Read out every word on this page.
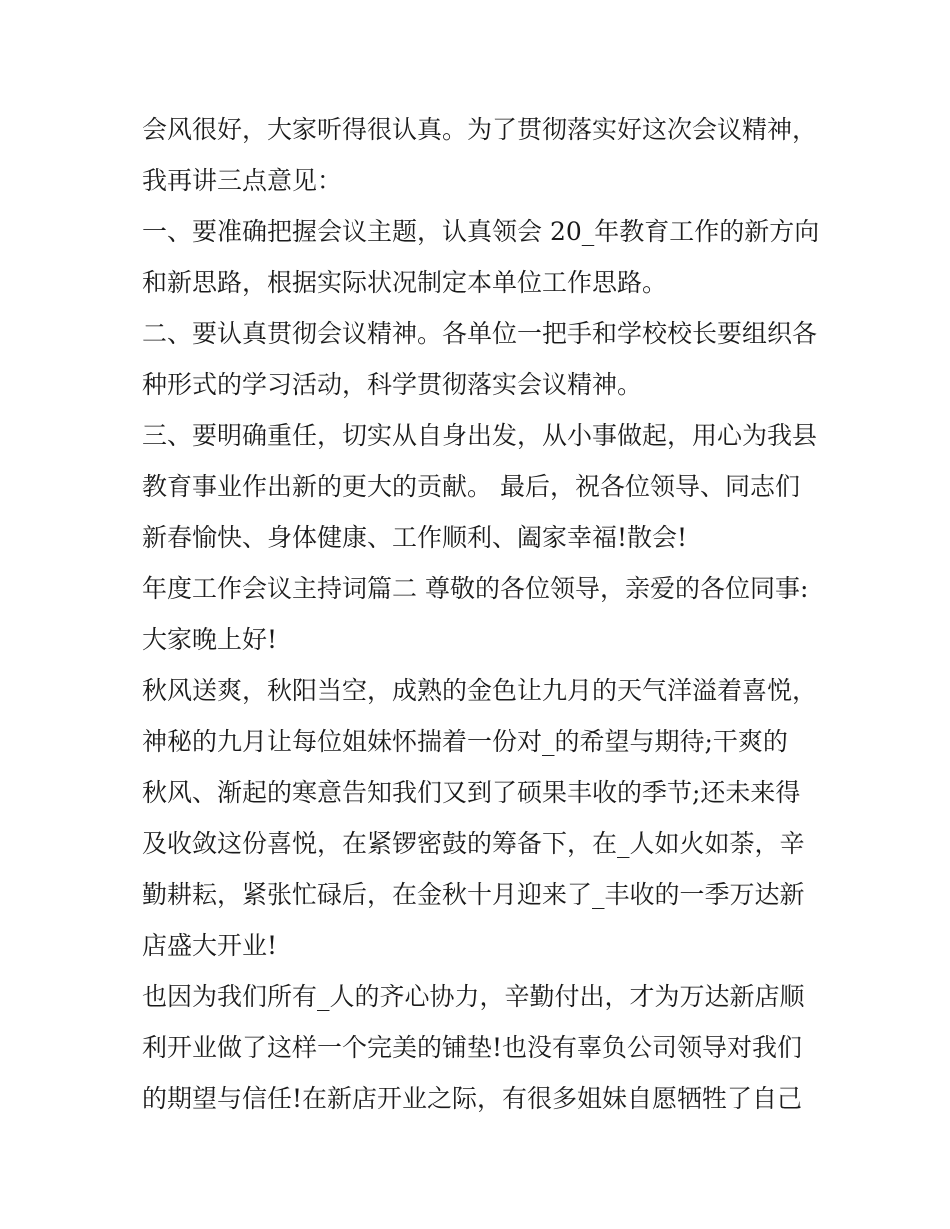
会风很好，大家听得很认真。为了贯彻落实好这次会议精神，
我再讲三点意见：
一、要准确把握会议主题，认真领会 20_年教育工作的新方向
和新思路，根据实际状况制定本单位工作思路。
二、要认真贯彻会议精神。各单位一把手和学校校长要组织各
种形式的学习活动，科学贯彻落实会议精神。
三、要明确重任，切实从自身出发，从小事做起，用心为我县
教育事业作出新的更大的贡献。 最后，祝各位领导、同志们
新春愉快、身体健康、工作顺利、阖家幸福!散会!
年度工作会议主持词篇二 尊敬的各位领导，亲爱的各位同事:
大家晚上好!
秋风送爽，秋阳当空，成熟的金色让九月的天气洋溢着喜悦，
神秘的九月让每位姐妹怀揣着一份对_的希望与期待;干爽的
秋风、渐起的寒意告知我们又到了硕果丰收的季节;还未来得
及收敛这份喜悦，在紧锣密鼓的筹备下，在_人如火如荼，辛
勤耕耘，紧张忙碌后，在金秋十月迎来了_丰收的一季万达新
店盛大开业!
也因为我们所有_人的齐心协力，辛勤付出，才为万达新店顺
利开业做了这样一个完美的铺垫!也没有辜负公司领导对我们
的期望与信任!在新店开业之际，有很多姐妹自愿牺牲了自己
